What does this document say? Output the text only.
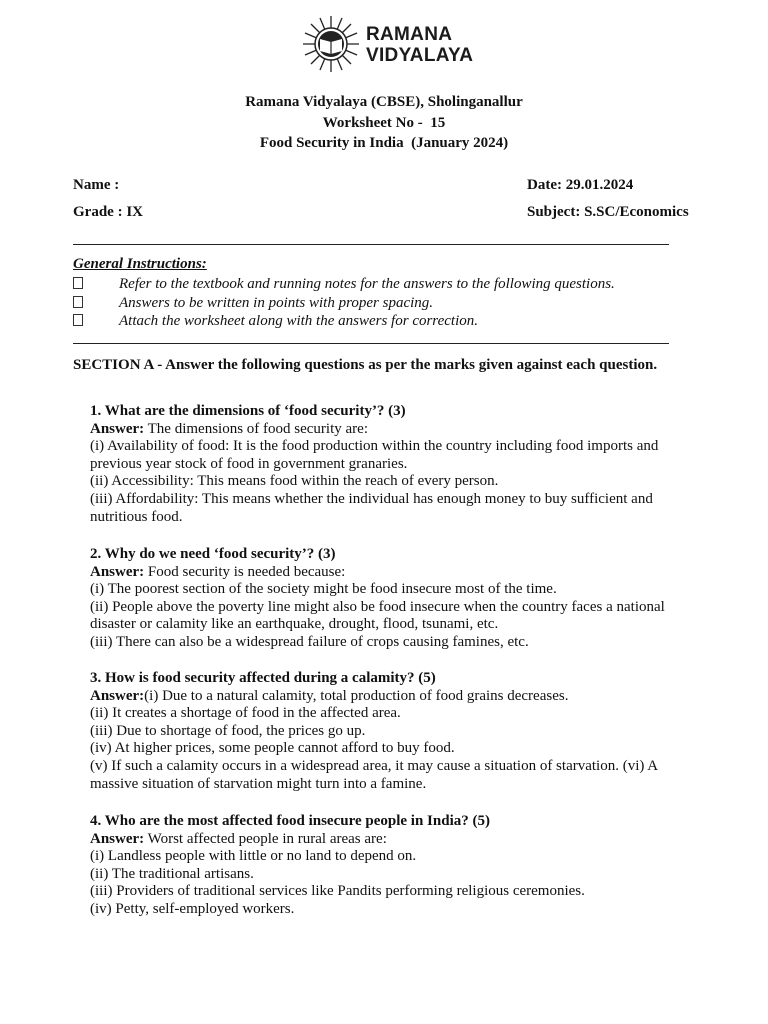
RAMANA
VIDYALAYA
Ramana Vidyalaya (CBSE), Sholinganallur
Worksheet No -  15
Food Security in India  (January 2024)
Name :	Date: 29.01.2024
Grade : IX	Subject: S.SC/Economics
General Instructions:
Refer to the textbook and running notes for the answers to the following questions.
Answers to be written in points with proper spacing.
Attach the worksheet along with the answers for correction.
SECTION A - Answer the following questions as per the marks given against each question.

1. What are the dimensions of ‘food security’? (3)

Answer: The dimensions of food security are:

(i) Availability of food: It is the food production within the country including food imports and previous year stock of food in government granaries.

(ii) Accessibility: This means food within the reach of every person.

(iii) Affordability: This means whether the individual has enough money to buy sufficient and nutritious food.

2. Why do we need ‘food security’? (3)

Answer: Food security is needed because:

(i) The poorest section of the society might be food insecure most of the time.

(ii) People above the poverty line might also be food insecure when the country faces a national disaster or calamity like an earthquake, drought, flood, tsunami, etc.

(iii) There can also be a widespread failure of crops causing famines, etc.

3. How is food security affected during a calamity? (5)

Answer:(i) Due to a natural calamity, total production of food grains decreases.

(ii) It creates a shortage of food in the affected area.

(iii) Due to shortage of food, the prices go up.

(iv) At higher prices, some people cannot afford to buy food.

(v) If such a calamity occurs in a widespread area, it may cause a situation of starvation. (vi) A massive situation of starvation might turn into a famine.

4. Who are the most affected food insecure people in India? (5)

Answer: Worst affected people in rural areas are:

(i) Landless people with little or no land to depend on.

(ii) The traditional artisans.

(iii) Providers of traditional services like Pandits performing religious ceremonies.

(iv) Petty, self-employed workers.
